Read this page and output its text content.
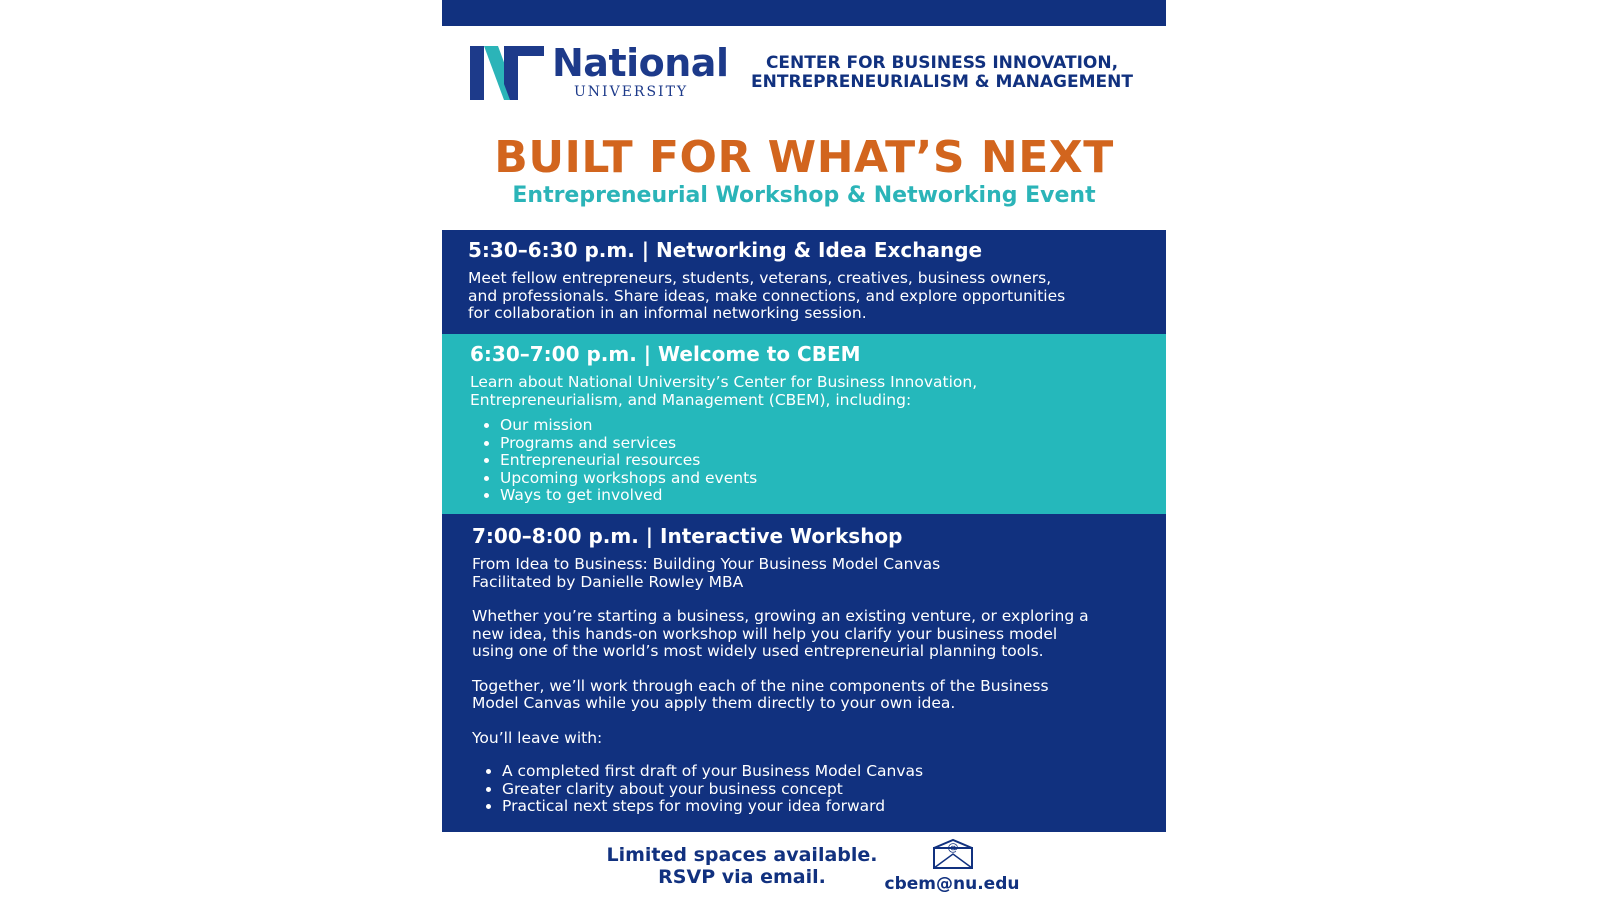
National
UNIVERSITY
CENTER FOR BUSINESS INNOVATION,
ENTREPRENEURIALISM & MANAGEMENT
BUILT FOR WHAT’S NEXT
Entrepreneurial Workshop & Networking Event
5:30–6:30 p.m. | Networking & Idea Exchange

Meet fellow entrepreneurs, students, veterans, creatives, business owners,
and professionals. Share ideas, make connections, and explore opportunities
for collaboration in an informal networking session.

6:30–7:00 p.m. | Welcome to CBEM

Learn about National University’s Center for Business Innovation,
Entrepreneurialism, and Management (CBEM), including:

• Our mission
• Programs and services
• Entrepreneurial resources
• Upcoming workshops and events
• Ways to get involved
7:00–8:00 p.m. | Interactive Workshop

From Idea to Business: Building Your Business Model Canvas
Facilitated by Danielle Rowley MBA

Whether you’re starting a business, growing an existing venture, or exploring a
new idea, this hands-on workshop will help you clarify your business model
using one of the world’s most widely used entrepreneurial planning tools.

Together, we’ll work through each of the nine components of the Business
Model Canvas while you apply them directly to your own idea.

You’ll leave with:

• A completed first draft of your Business Model Canvas
• Greater clarity about your business concept
• Practical next steps for moving your idea forward
Limited spaces available.
RSVP via email.
@
cbem@nu.edu
